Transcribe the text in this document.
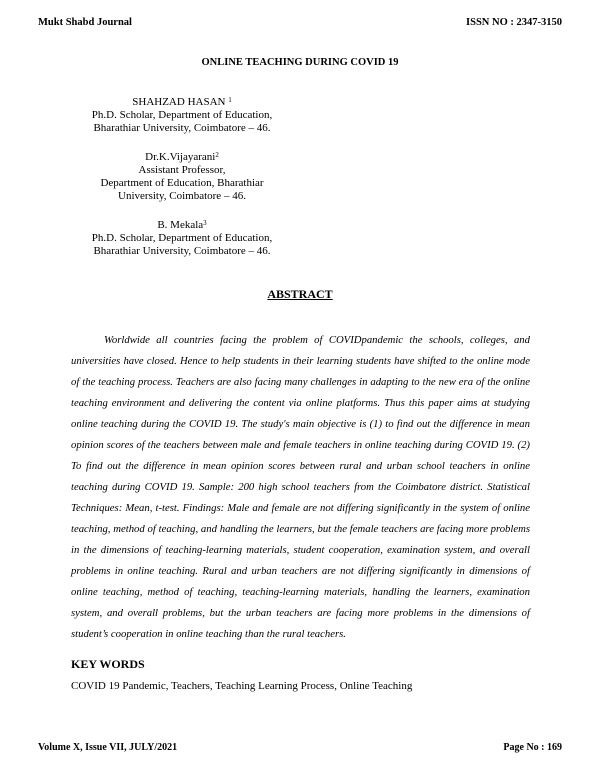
Mukt Shabd Journal	ISSN NO : 2347-3150
ONLINE TEACHING DURING COVID 19
SHAHZAD HASAN $^1$
Ph.D. Scholar, Department of Education,
Bharathiar University, Coimbatore – 46.
Dr.K.Vijayarani$^2$
Assistant Professor,
Department of Education, Bharathiar
University, Coimbatore – 46.
B. Mekala$^3$
Ph.D. Scholar, Department of Education,
Bharathiar University, Coimbatore – 46.
ABSTRACT

Worldwide all countries facing the problem of COVIDpandemic the schools, colleges, and universities have closed. Hence to help students in their learning students have shifted to the online mode of the teaching process. Teachers are also facing many challenges in adapting to the new era of the online teaching environment and delivering the content via online platforms. Thus this paper aims at studying online teaching during the COVID 19. The study's main objective is (1) to find out the difference in mean opinion scores of the teachers between male and female teachers in online teaching during COVID 19. (2) To find out the difference in mean opinion scores between rural and urban school teachers in online teaching during COVID 19. Sample: 200 high school teachers from the Coimbatore district. Statistical Techniques: Mean, t-test. Findings: Male and female are not differing significantly in the system of online teaching, method of teaching, and handling the learners, but the female teachers are facing more problems in the dimensions of teaching-learning materials, student cooperation, examination system, and overall problems in online teaching. Rural and urban teachers are not differing significantly in dimensions of online teaching, method of teaching, teaching-learning materials, handling the learners, examination system, and overall problems, but the urban teachers are facing more problems in the dimensions of student’s cooperation in online teaching than the rural teachers.

KEY WORDS
COVID 19 Pandemic, Teachers, Teaching Learning Process, Online Teaching
Volume X, Issue VII, JULY/2021	Page No : 169
